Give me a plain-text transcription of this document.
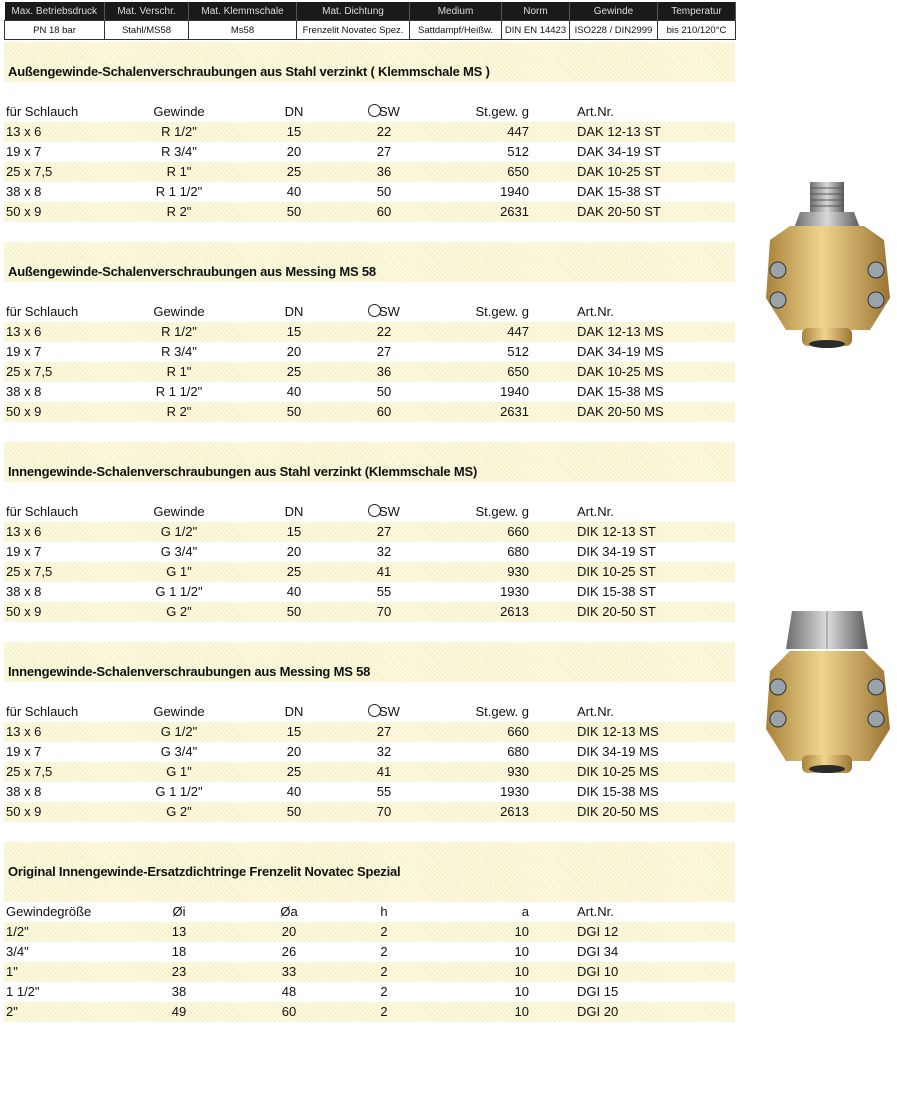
Max. Betriebsdruck	Mat. Verschr.	Mat. Klemmschale	Mat. Dichtung	Medium	Norm	Gewinde	Temperatur
PN 18 bar	Stahl/MS58	Ms58	Frenzelit Novatec Spez.	Sattdampf/Heißw.	DIN EN 14423	ISO228 / DIN2999	bis 210/120°C
Außengewinde-Schalenverschraubungen aus Stahl verzinkt ( Klemmschale MS )
für Schlauch	Gewinde	DN	SW	St.gew. g	Art.Nr.
13 x 6	R 1/2"	15	22	447	DAK 12-13 ST
19 x 7	R 3/4"	20	27	512	DAK 34-19 ST
25 x 7,5	R 1"	25	36	650	DAK 10-25 ST
38 x 8	R 1 1/2"	40	50	1940	DAK 15-38 ST
50 x 9	R 2"	50	60	2631	DAK 20-50 ST
Außengewinde-Schalenverschraubungen aus Messing MS 58
für Schlauch	Gewinde	DN	SW	St.gew. g	Art.Nr.
13 x 6	R 1/2"	15	22	447	DAK 12-13 MS
19 x 7	R 3/4"	20	27	512	DAK 34-19 MS
25 x 7,5	R 1"	25	36	650	DAK 10-25 MS
38 x 8	R 1 1/2"	40	50	1940	DAK 15-38 MS
50 x 9	R 2"	50	60	2631	DAK 20-50 MS
Innengewinde-Schalenverschraubungen aus Stahl verzinkt (Klemmschale MS)
für Schlauch	Gewinde	DN	SW	St.gew. g	Art.Nr.
13 x 6	G 1/2"	15	27	660	DIK 12-13 ST
19 x 7	G 3/4"	20	32	680	DIK 34-19 ST
25 x 7,5	G 1"	25	41	930	DIK 10-25 ST
38 x 8	G 1 1/2"	40	55	1930	DIK 15-38 ST
50 x 9	G 2"	50	70	2613	DIK 20-50 ST
Innengewinde-Schalenverschraubungen aus Messing MS 58
für Schlauch	Gewinde	DN	SW	St.gew. g	Art.Nr.
13 x 6	G 1/2"	15	27	660	DIK 12-13 MS
19 x 7	G 3/4"	20	32	680	DIK 34-19 MS
25 x 7,5	G 1"	25	41	930	DIK 10-25 MS
38 x 8	G 1 1/2"	40	55	1930	DIK 15-38 MS
50 x 9	G 2"	50	70	2613	DIK 20-50 MS
Original Innengewinde-Ersatzdichtringe Frenzelit Novatec Spezial
Gewindegröße	Øi	Øa	h	a	Art.Nr.
1/2"	13	20	2	10	DGI 12
3/4"	18	26	2	10	DGI 34
1"	23	33	2	10	DGI 10
1 1/2"	38	48	2	10	DGI 15
2"	49	60	2	10	DGI 20
